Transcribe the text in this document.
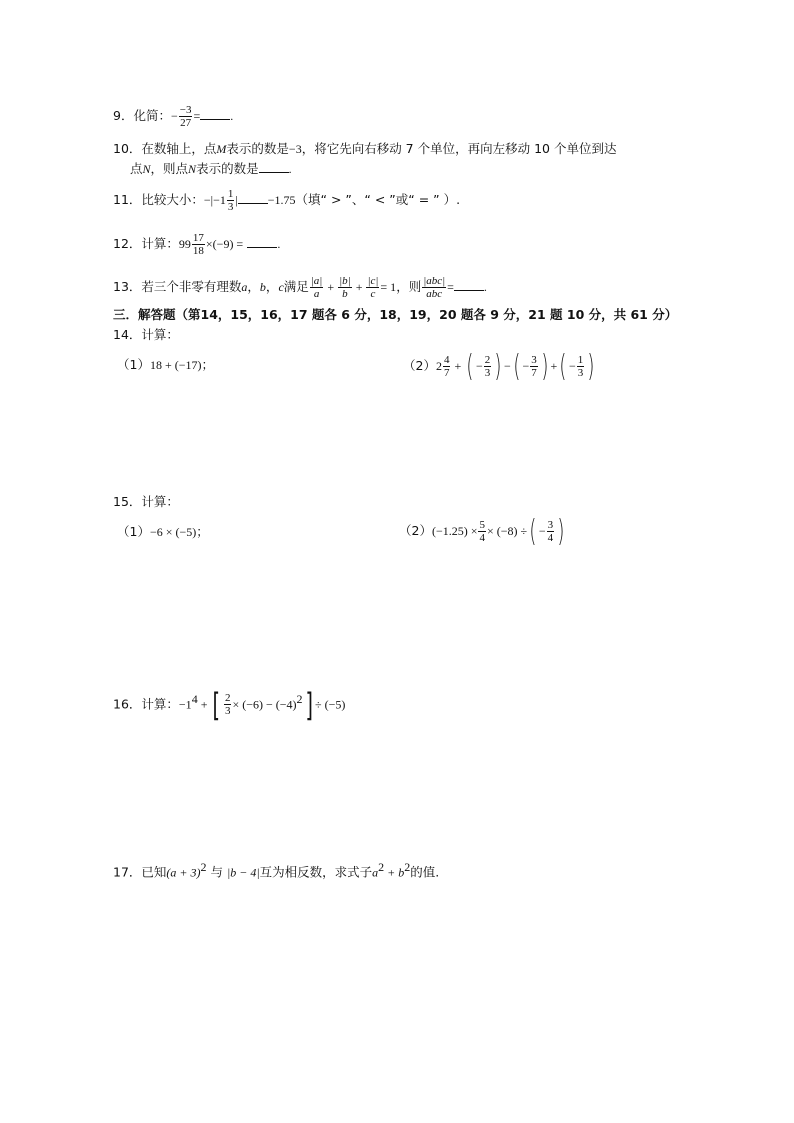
9．化简：− $\frac{-3}{27}$ =	.
10．在数轴上，点M表示的数是−3，将它先向右移动 7 个单位，再向左移动 10 个单位到达
点N，则点N表示的数是	.
11．比较大小：$-|-1 \frac{1}{3}$ |	−1.75（填“ > ”、“ < ”或“ = ” ）.
12．计算：$99 \frac{17}{18} \times(-9)$ =	.
13．若三个非零有理数a，b，c满足 $\frac{|a|}{a} + \frac{|b|}{b} + \frac{|c|}{c} = 1$，则 $\frac{\text{|abc|}}{\text{abc}}$ =	.
三．解答题（第14，15，16，17 题各 6 分，18，19，20 题各 9 分，21 题 10 分，共 61 分）
14．计算：
（1）18 + (−17)；	$(2)2 \frac{4}{7}$ + ( − $\frac{2}{3}$ ) −( − $\frac{3}{7}$ ) +( − $\frac{1}{3}$ )
15．计算：
（1）−6 × (−5)；	$(2)(-1.25) \times \frac{5}{4} \times (-8)$ ÷( − $\frac{3}{4}$ )
16．计算：$-1^4$ + [ $\frac{2}{3} \times (-6) - (-4)^2] \div (-5)$
17．已知$(a + 3)^2$ 与 |b − 4|互为相反数，求式子$a^2 + b^2$的值.
